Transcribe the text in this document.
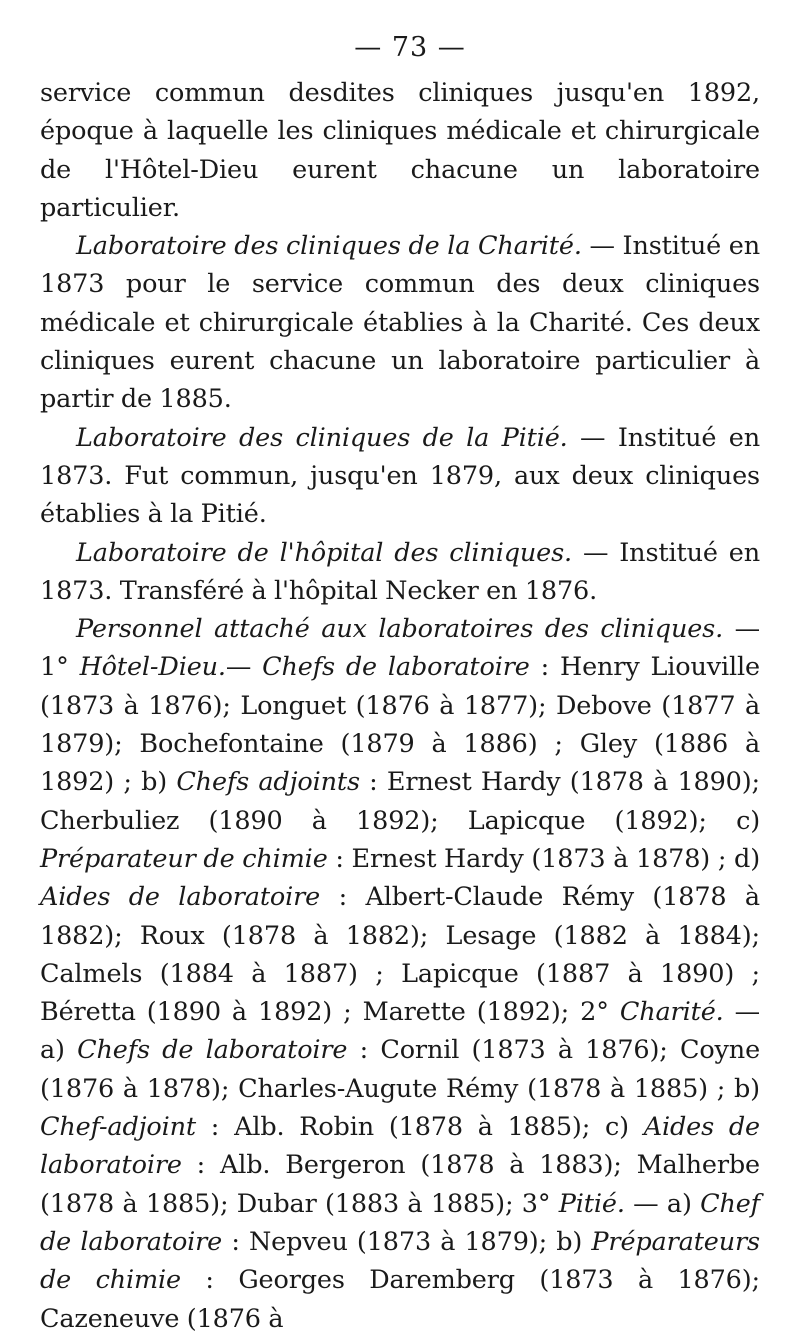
— 73 —

service commun desdites cliniques jusqu'en 1892, époque à laquelle les cliniques médicale et chirurgicale de l'Hôtel-Dieu eurent chacune un laboratoire particulier.

Laboratoire des cliniques de la Charité. — Institué en 1873 pour le service commun des deux cliniques médicale et chirurgicale établies à la Charité. Ces deux cliniques eurent chacune un laboratoire particulier à partir de 1885.

Laboratoire des cliniques de la Pitié. — Institué en 1873. Fut commun, jusqu'en 1879, aux deux cliniques établies à la Pitié.

Laboratoire de l'hôpital des cliniques. — Institué en 1873. Transféré à l'hôpital Necker en 1876.

Personnel attaché aux laboratoires des cliniques. — 1° Hôtel-Dieu.— Chefs de laboratoire : Henry Liouville (1873 à 1876); Longuet (1876 à 1877); Debove (1877 à 1879); Bochefontaine (1879 à 1886) ; Gley (1886 à 1892) ; b) Chefs adjoints : Ernest Hardy (1878 à 1890); Cherbuliez (1890 à 1892); Lapicque (1892); c) Préparateur de chimie : Ernest Hardy (1873 à 1878) ; d) Aides de laboratoire : Albert-Claude Rémy (1878 à 1882); Roux (1878 à 1882); Lesage (1882 à 1884); Calmels (1884 à 1887) ; Lapicque (1887 à 1890) ; Béretta (1890 à 1892) ; Marette (1892); 2° Charité. — a) Chefs de laboratoire : Cornil (1873 à 1876); Coyne (1876 à 1878); Charles-Augute Rémy (1878 à 1885) ; b) Chef-adjoint : Alb. Robin (1878 à 1885); c) Aides de laboratoire : Alb. Bergeron (1878 à 1883); Malherbe (1878 à 1885); Dubar (1883 à 1885); 3° Pitié. — a) Chef de laboratoire : Nepveu (1873 à 1879); b) Préparateurs de chimie : Georges Daremberg (1873 à 1876); Cazeneuve (1876 à
